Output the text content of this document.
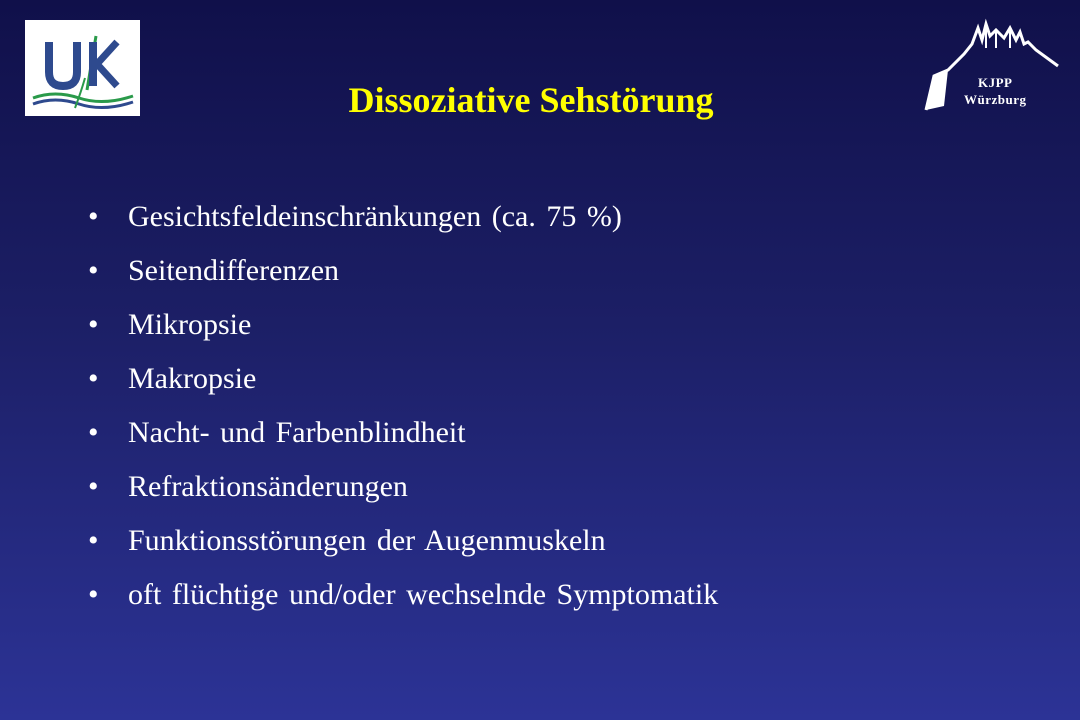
KJPP
Würzburg
Dissoziative Sehstörung
• Gesichtsfeldeinschränkungen (ca. 75 %)
• Seitendifferenzen
• Mikropsie
• Makropsie
• Nacht- und Farbenblindheit
• Refraktionsänderungen
• Funktionsstörungen der Augenmuskeln
• oft flüchtige und/oder wechselnde Symptomatik
